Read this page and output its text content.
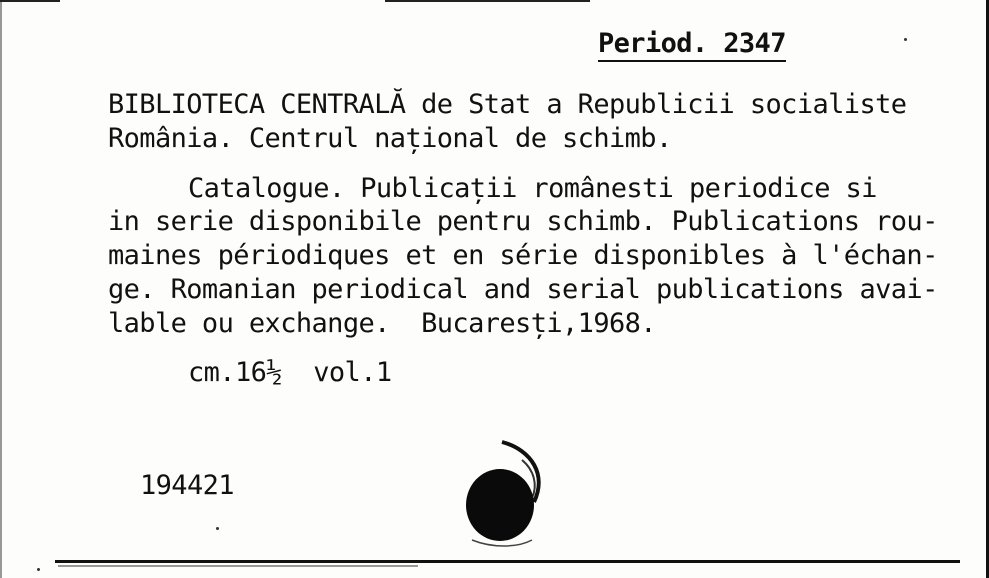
Period. 2347
BIBLIOTECA CENTRALĂ de Stat a Republicii socialiste
România. Centrul național de schimb.
Catalogue. Publicații românesti periodice si
in serie disponibile pentru schimb. Publications rou-
maines périodiques et en série disponibles à l'échan-
ge. Romanian periodical and serial publications avai-
lable ou exchange.  Bucaresți,1968.
cm.16½  vol.1
194421
